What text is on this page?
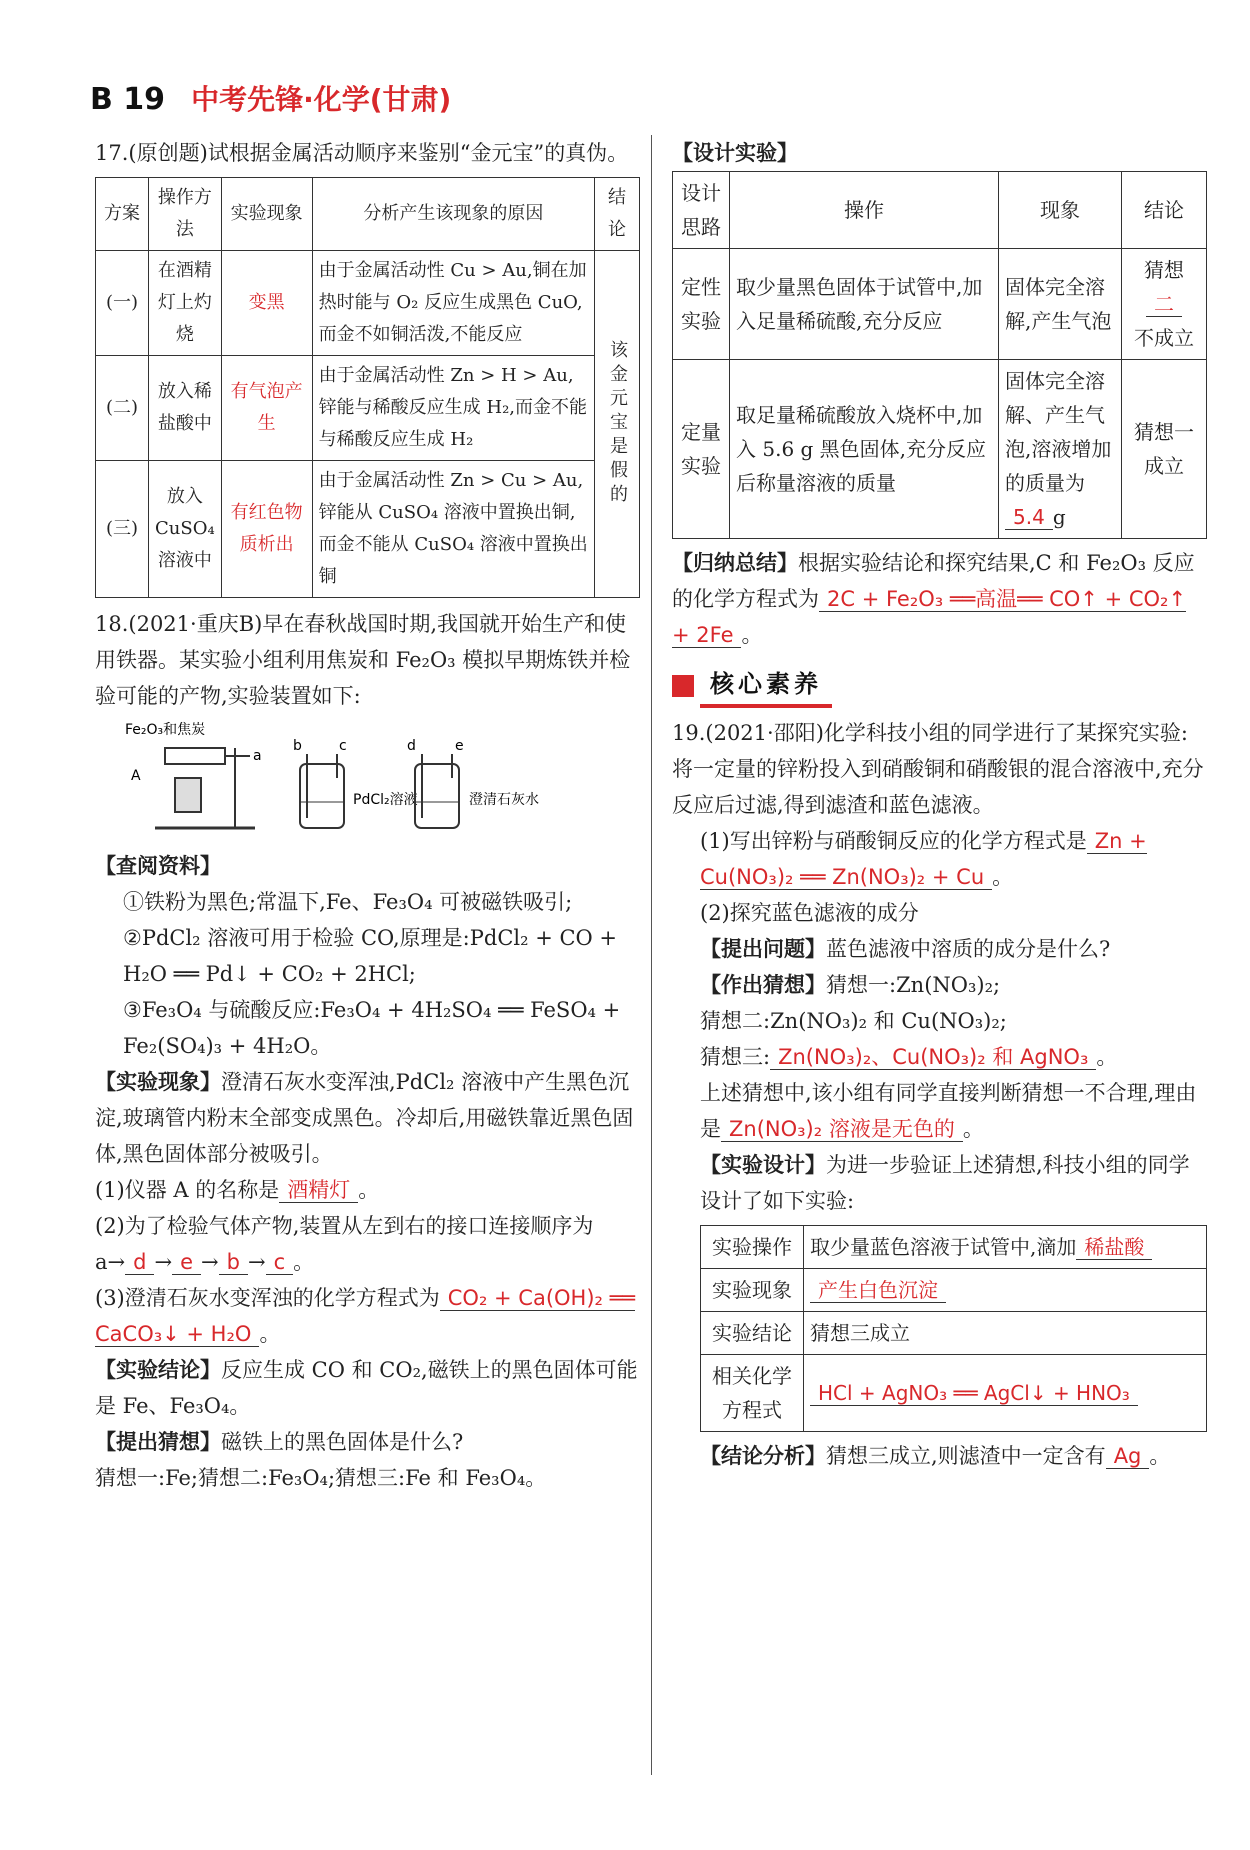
B 19 中考先锋·化学(甘肃)

17.(原创题)试根据金属活动顺序来鉴别“金元宝”的真伪。

方案	操作方法	实验现象	分析产生该现象的原因	结论
(一)	在酒精灯上灼烧	变黑	由于金属活动性 Cu > Au,铜在加热时能与 O₂ 反应生成黑色 CuO,而金不如铜活泼,不能反应	该金元宝是假的
(二)	放入稀盐酸中	有气泡产生	由于金属活动性 Zn > H > Au,锌能与稀酸反应生成 H₂,而金不能与稀酸反应生成 H₂	
(三)	放入CuSO₄溶液中	有红色物质析出	由于金属活动性 Zn > Cu > Au,锌能从 CuSO₄ 溶液中置换出铜,而金不能从 CuSO₄ 溶液中置换出铜	

18.(2021·重庆B)早在春秋战国时期,我国就开始生产和使用铁器。某实验小组利用焦炭和 Fe₂O₃ 模拟早期炼铁并检验可能的产物,实验装置如下:

Fe₂O₃和焦炭
A
a
b	c
PdCl₂溶液
d	e
澄清石灰水

【查阅资料】

①铁粉为黑色;常温下,Fe、Fe₃O₄ 可被磁铁吸引;

②PdCl₂ 溶液可用于检验 CO,原理是:PdCl₂ + CO + H₂O ══ Pd↓ + CO₂ + 2HCl;

③Fe₃O₄ 与硫酸反应:Fe₃O₄ + 4H₂SO₄ ══ FeSO₄ + Fe₂(SO₄)₃ + 4H₂O。

【实验现象】澄清石灰水变浑浊,PdCl₂ 溶液中产生黑色沉淀,玻璃管内粉末全部变成黑色。冷却后,用磁铁靠近黑色固体,黑色固体部分被吸引。

(1)仪器 A 的名称是 酒精灯 。

(2)为了检验气体产物,装置从左到右的接口连接顺序为 a→ d → e → b → c 。

(3)澄清石灰水变浑浊的化学方程式为 CO₂ + Ca(OH)₂ ══ CaCO₃↓ + H₂O 。

【实验结论】反应生成 CO 和 CO₂,磁铁上的黑色固体可能是 Fe、Fe₃O₄。

【提出猜想】磁铁上的黑色固体是什么?

猜想一:Fe;猜想二:Fe₃O₄;猜想三:Fe 和 Fe₃O₄。

【设计实验】

设计思路	操作	现象	结论
定性实验	取少量黑色固体于试管中,加入足量稀硫酸,充分反应	固体完全溶解,产生气泡	猜想
二
不成立
定量实验	取足量稀硫酸放入烧杯中,加入 5.6 g 黑色固体,充分反应后称量溶液的质量	固体完全溶解、产生气泡,溶液增加的质量为5.4 g	猜想一成立

【归纳总结】根据实验结论和探究结果,C 和 Fe₂O₃ 反应的化学方程式为 2C + Fe₂O₃ ══高温══ CO↑ + CO₂↑ + 2Fe 。

核心素养

19.(2021·邵阳)化学科技小组的同学进行了某探究实验:将一定量的锌粉投入到硝酸铜和硝酸银的混合溶液中,充分反应后过滤,得到滤渣和蓝色滤液。

(1)写出锌粉与硝酸铜反应的化学方程式是 Zn + Cu(NO₃)₂ ══ Zn(NO₃)₂ + Cu 。

(2)探究蓝色滤液的成分

【提出问题】蓝色滤液中溶质的成分是什么?

【作出猜想】猜想一:Zn(NO₃)₂;

猜想二:Zn(NO₃)₂ 和 Cu(NO₃)₂;

猜想三: Zn(NO₃)₂、Cu(NO₃)₂ 和 AgNO₃ 。

上述猜想中,该小组有同学直接判断猜想一不合理,理由是 Zn(NO₃)₂ 溶液是无色的 。

【实验设计】为进一步验证上述猜想,科技小组的同学设计了如下实验:

实验操作	取少量蓝色溶液于试管中,滴加 稀盐酸
实验现象	产生白色沉淀
实验结论	猜想三成立
相关化学方程式	HCl + AgNO₃ ══ AgCl↓ + HNO₃

【结论分析】猜想三成立,则滤渣中一定含有 Ag 。
